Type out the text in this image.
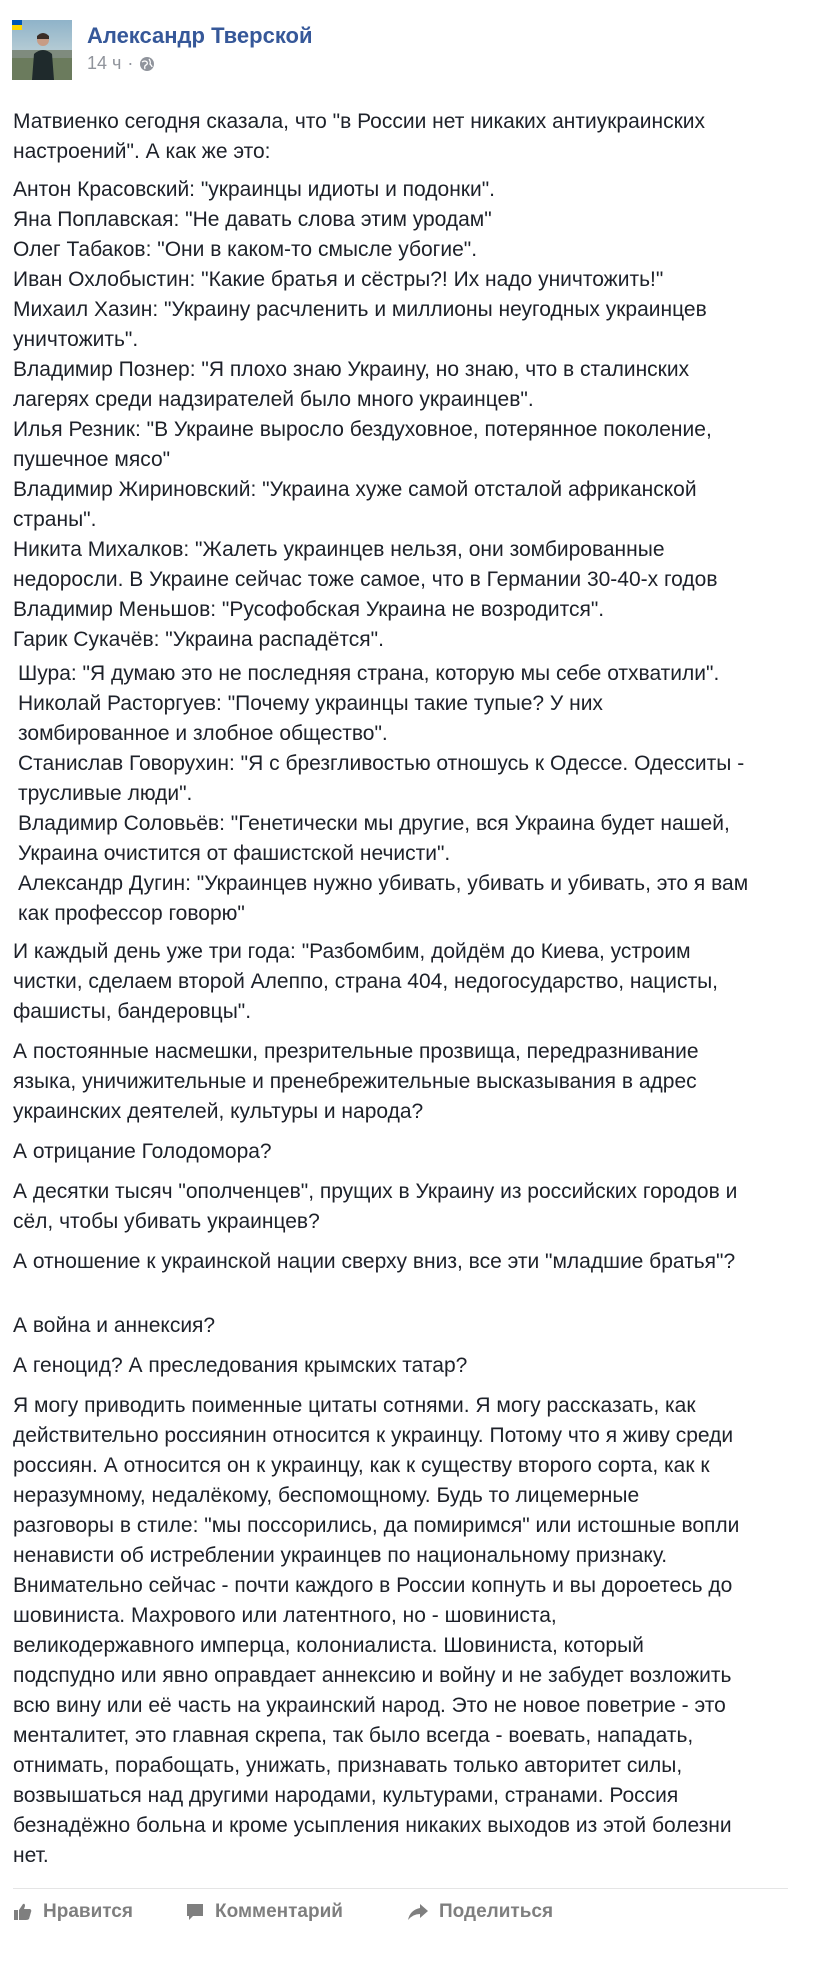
Александр Тверской
14 ч ·
Матвиенко сегодня сказала, что "в России нет никаких антиукраинских
настроений". А как же это:
Антон Красовский: "украинцы идиоты и подонки".
Яна Поплавская: "Не давать слова этим уродам"
Олег Табаков: "Они в каком-то смысле убогие".
Иван Охлобыстин: "Какие братья и сёстры?! Их надо уничтожить!"
Михаил Хазин: "Украину расчленить и миллионы неугодных украинцев
уничтожить".
Владимир Познер: "Я плохо знаю Украину, но знаю, что в сталинских
лагерях среди надзирателей было много украинцев".
Илья Резник: "В Украине выросло бездуховное, потерянное поколение,
пушечное мясо"
Владимир Жириновский: "Украина хуже самой отсталой африканской
страны".
Никита Михалков: "Жалеть украинцев нельзя, они зомбированные
недоросли. В Украине сейчас тоже самое, что в Германии 30-40-х годов
Владимир Меньшов: "Русофобская Украина не возродится".
Гарик Сукачёв: "Украина распадётся".
Шура: "Я думаю это не последняя страна, которую мы себе отхватили".
Николай Расторгуев: "Почему украинцы такие тупые? У них
зомбированное и злобное общество".
Станислав Говорухин: "Я с брезгливостью отношусь к Одессе. Одесситы -
трусливые люди".
Владимир Соловьёв: "Генетически мы другие, вся Украина будет нашей,
Украина очистится от фашистской нечисти".
Александр Дугин: "Украинцев нужно убивать, убивать и убивать, это я вам
как профессор говорю"
И каждый день уже три года: "Разбомбим, дойдём до Киева, устроим
чистки, сделаем второй Алеппо, страна 404, недогосударство, нацисты,
фашисты, бандеровцы".
А постоянные насмешки, презрительные прозвища, передразнивание
языка, уничижительные и пренебрежительные высказывания в адрес
украинских деятелей, культуры и народа?
А отрицание Голодомора?
А десятки тысяч "ополченцев", прущих в Украину из российских городов и
сёл, чтобы убивать украинцев?
А отношение к украинской нации сверху вниз, все эти "младшие братья"?
А война и аннексия?
А геноцид? А преследования крымских татар?
Я могу приводить поименные цитаты сотнями. Я могу рассказать, как
действительно россиянин относится к украинцу. Потому что я живу среди
россиян. А относится он к украинцу, как к существу второго сорта, как к
неразумному, недалёкому, беспомощному. Будь то лицемерные
разговоры в стиле: "мы поссорились, да помиримся" или истошные вопли
ненависти об истреблении украинцев по национальному признаку.
Внимательно сейчас - почти каждого в России копнуть и вы дороетесь до
шовиниста. Махрового или латентного, но - шовиниста,
великодержавного имперца, колониалиста. Шовиниста, который
подспудно или явно оправдает аннексию и войну и не забудет возложить
всю вину или её часть на украинский народ. Это не новое поветрие - это
менталитет, это главная скрепа, так было всегда - воевать, нападать,
отнимать, порабощать, унижать, признавать только авторитет силы,
возвышаться над другими народами, культурами, странами. Россия
безнадёжно больна и кроме усыпления никаких выходов из этой болезни
нет.
Нравится	Комментарий	Поделиться
